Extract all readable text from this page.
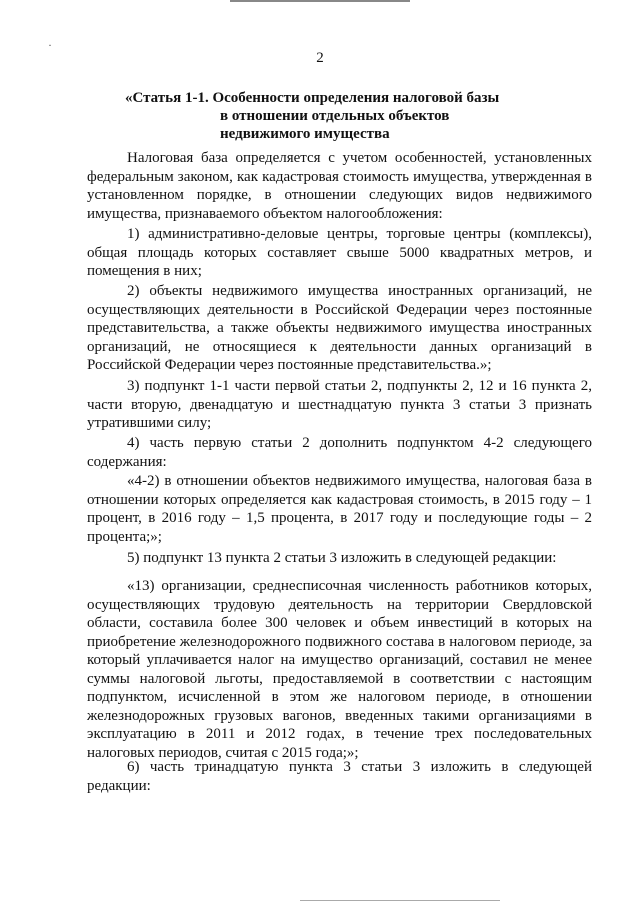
·
2
«Статья 1-1. Особенности определения налоговой базы
в отношении отдельных объектов
недвижимого имущества

Налоговая база определяется с учетом особенностей, установленных федеральным законом, как кадастровая стоимость имущества, утвержденная в установленном порядке, в отношении следующих видов недвижимого имущества, признаваемого объектом налогообложения:

1) административно-деловые центры, торговые центры (комплексы), общая площадь которых составляет свыше 5000 квадратных метров, и помещения в них;

2) объекты недвижимого имущества иностранных организаций, не осуществляющих деятельности в Российской Федерации через постоянные представительства, а также объекты недвижимого имущества иностранных организаций, не относящиеся к деятельности данных организаций в Российской Федерации через постоянные представительства.»;

3) подпункт 1-1 части первой статьи 2, подпункты 2, 12 и 16 пункта 2, части вторую, двенадцатую и шестнадцатую пункта 3 статьи 3 признать утратившими силу;

4) часть первую статьи 2 дополнить подпунктом 4-2 следующего содержания:

«4-2) в отношении объектов недвижимого имущества, налоговая база в отношении которых определяется как кадастровая стоимость, в 2015 году – 1 процент, в 2016 году – 1,5 процента, в 2017 году и последующие годы – 2 процента;»;

5) подпункт 13 пункта 2 статьи 3 изложить в следующей редакции:

«13) организации, среднесписочная численность работников которых, осуществляющих трудовую деятельность на территории Свердловской области, составила более 300 человек и объем инвестиций в которых на приобретение железнодорожного подвижного состава в налоговом периоде, за который уплачивается налог на имущество организаций, составил не менее суммы налоговой льготы, предоставляемой в соответствии с настоящим подпунктом, исчисленной в этом же налоговом периоде, в отношении железнодорожных грузовых вагонов, введенных такими организациями в эксплуатацию в 2011 и 2012 годах, в течение трех последовательных налоговых периодов, считая с 2015 года;»;

6) часть тринадцатую пункта 3 статьи 3 изложить в следующей редакции:
